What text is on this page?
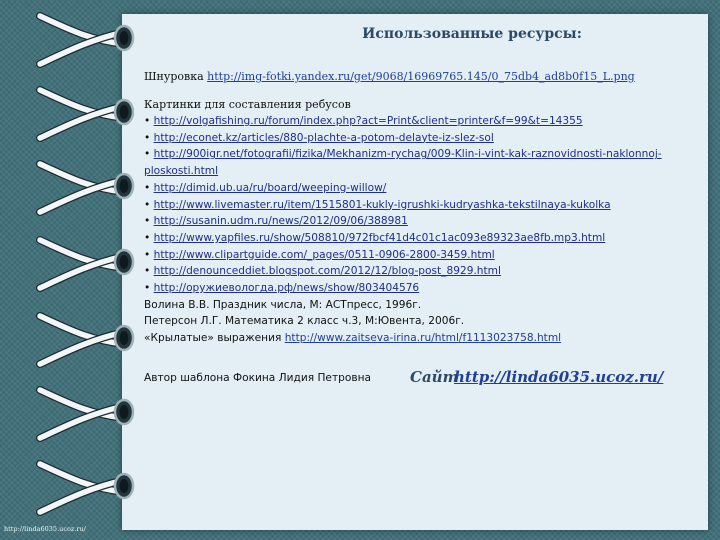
Использованные ресурсы:
Шнуровка http://img-fotki.yandex.ru/get/9068/16969765.145/0_75db4_ad8b0f15_L.png
Картинки для составления ребусов
• http://volgafishing.ru/forum/index.php?act=Print&client=printer&f=99&t=14355
• http://econet.kz/articles/880-plachte-a-potom-delayte-iz-slez-sol
• http://900igr.net/fotografii/fizika/Mekhanizm-rychag/009-Klin-i-vint-kak-raznovidnosti-naklonnoj-ploskosti.html
• http://dimid.ub.ua/ru/board/weeping-willow/
• http://www.livemaster.ru/item/1515801-kukly-igrushki-kudryashka-tekstilnaya-kukolka
• http://susanin.udm.ru/news/2012/09/06/388981
• http://www.yapfiles.ru/show/508810/972fbcf41d4c01c1ac093e89323ae8fb.mp3.html
• http://www.clipartguide.com/_pages/0511-0906-2800-3459.html
• http://denounceddiet.blogspot.com/2012/12/blog-post_8929.html
• http://оружиевологда.рф/news/show/803404576
Волина В.В. Праздник числа, М: АСТпресс, 1996г.
Петерсон Л.Г. Математика 2 класс ч.3, М:Ювента, 2006г.
«Крылатые» выражения http://www.zaitseva-irina.ru/html/f1113023758.html
Автор шаблона Фокина Лидия Петровна	Сайт
http://linda6035.ucoz.ru/
http://linda6035.ucoz.ru/
